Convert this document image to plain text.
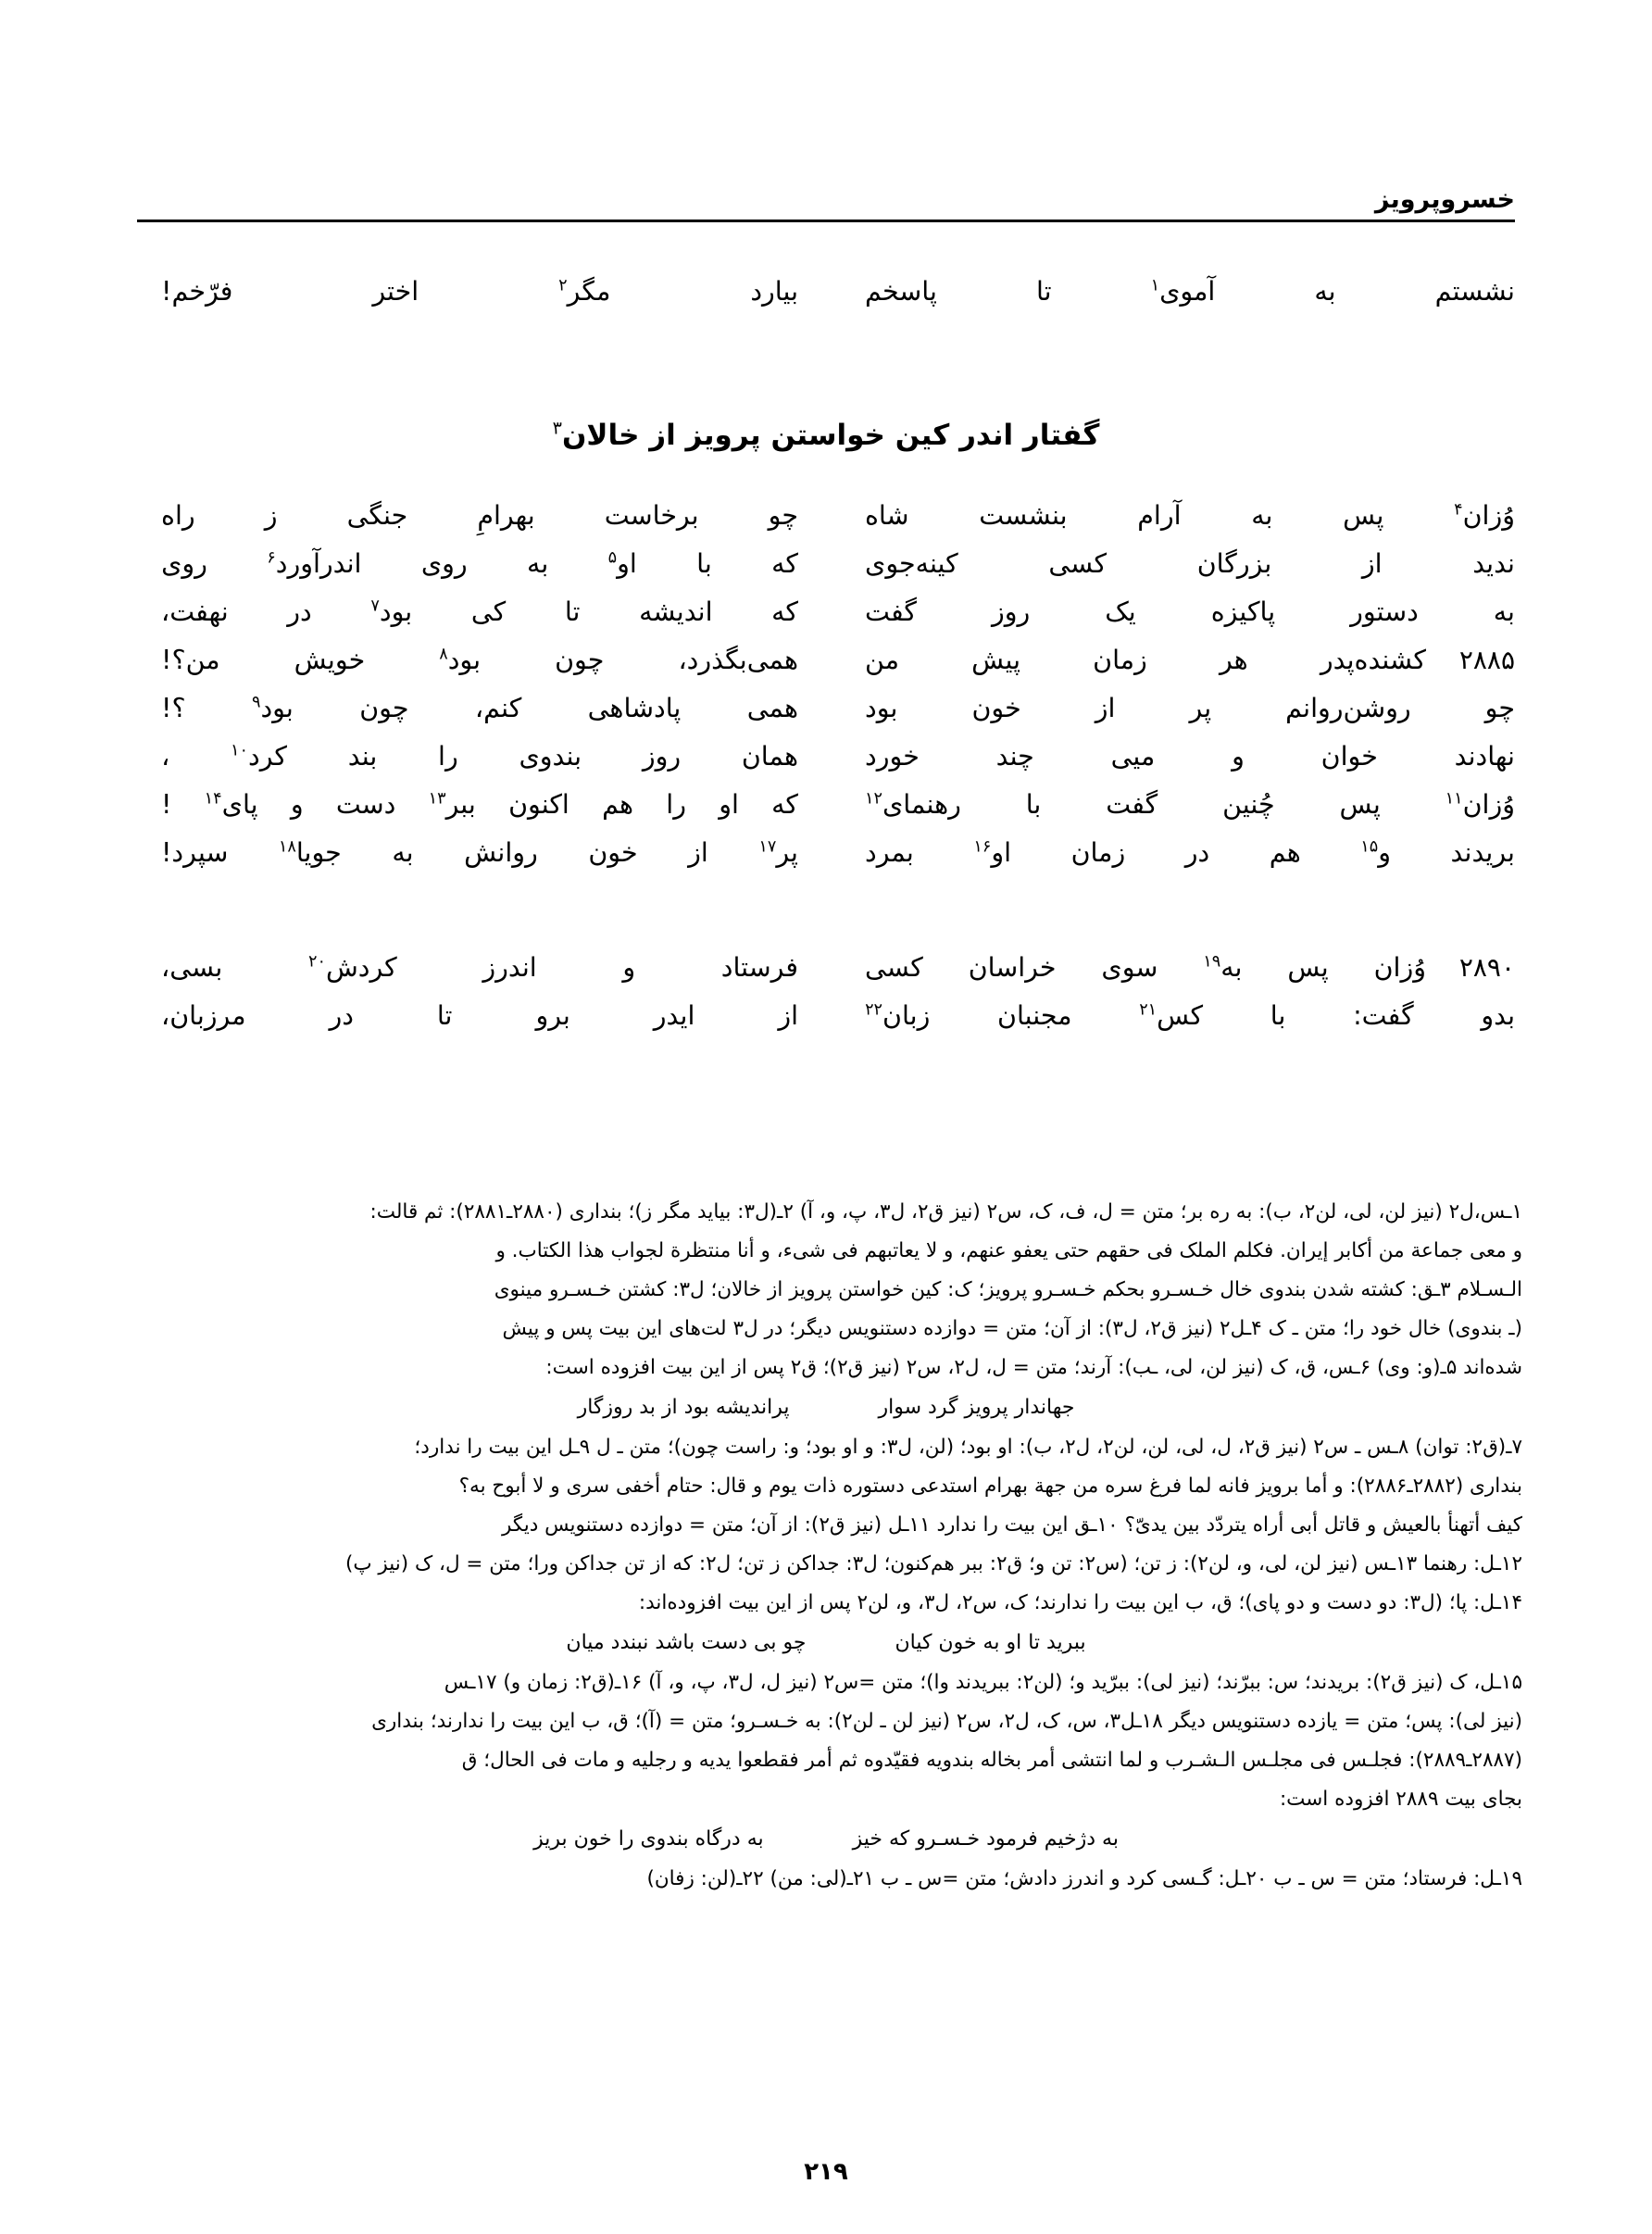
خسروپرویز
نشستم
به
آموی$^۱$
تا
پاسخم
بیارد
مگر$^۲$
اختر
فرّخم!
گفتار اندر کین خواستن پرویز از خالان$^۳$
وُزان$^۴$
پس
به
آرام
بنشست
شاه
چو
برخاست
بهرامِ
جنگی
ز
راه
ندید
از
بزرگان
کسی
کینه‌جوی
که
با
او$^۵$
به
روی
اندرآورد$^۶$
روی
به
دستور
پاکیزه
یک
روز
گفت
که
اندیشه
تا
کی
بود$^۷$
در
نهفت،
کشنده‌پدر
هر
زمان
پیش
من	۲۸۸۵
همی‌بگذرد،
چون
بود$^۸$
خویش
من؟!
چو
روشن‌روانم
پر
از
خون
بود
همی
پادشاهی
کنم،
چون
بود$^۹$
؟!
نهادند
خوان
و
میی
چند
خورد
همان
روز
بندوی
را
بند
کرد$^{۱۰}$
،
وُزان$^{۱۱}$
پس
چُنین
گفت
با
رهنمای$^{۱۲}$
که
او
را
هم
اکنون
ببر$^{۱۳}$
دست
و
پای$^{۱۴}$
!
بریدند
و$^{۱۵}$
هم
در
زمان
او$^{۱۶}$
بمرد
پر$^{۱۷}$
از
خون
روانش
به
جویا$^{۱۸}$
سپرد!
وُزان
پس
به$^{۱۹}$
سوی
خراسان
کسی	۲۸۹۰
فرستاد
و
اندرز
کردش$^{۲۰}$
بسی،
بدو
گفت:
با
کس$^{۲۱}$
مجنبان
زبان$^{۲۲}$
از
ایدر
برو
تا
در
مرزبان،

۱ـس،ل۲ (نیز لن، لی، لن۲، ب): به ره بر؛ متن = ل، ف، ک، س۲ (نیز ق۲، ل۳، پ، و، آ) ۲ـ(ل۳: بیاید مگر ز)؛ بنداری (۲۸۸۰ـ۲۸۸۱): ثم قالت:

و معی جماعة من أکابر إیران. فکلم الملک فی حقهم حتی یعفو عنهم، و لا یعاتبهم فی شیء، و أنا منتظرة لجواب هذا الکتاب. و

الـسـلام ۳ـق: کشته شدن بندوی خال خـسـرو بحکم خـسـرو پرویز؛ ک: کین خواستن پرویز از خالان؛ ل۳: کشتن خـسـرو مینوی

(ـ بندوی) خال خود را؛ متن ـ ک ۴ـل۲ (نیز ق۲، ل۳): از آن؛ متن = دوازده دستنویس دیگر؛ در ل۳ لت‌های این بیت پس و پیش

شده‌اند ۵ـ(و: وی) ۶ـس، ق، ک (نیز لن، لی، ـب): آرند؛ متن = ل، ل۲، س۲ (نیز ق۲)؛ ق۲ پس از این بیت افزوده است:

جهاندار پرویز گرد سوار
پراندیشه بود از بد روزگار

۷ـ(ق۲: توان) ۸ـس ـ س۲ (نیز ق۲، ل، لی، لن، لن۲، ل۲، ب): او بود؛ (لن، ل۳: و او بود؛ و: راست چون)؛ متن ـ ل ۹ـل این بیت را ندارد؛

بنداری (۲۸۸۲ـ۲۸۸۶): و أما برویز فانه لما فرغ سره من جهة بهرام استدعی دستوره ذات یوم و قال: حتام أخفی سری و لا أبوح به؟

کیف أتهنأ بالعیش و قاتل أبی أراه یتردّد بین یدیّ؟ ۱۰ـق این بیت را ندارد ۱۱ـل (نیز ق۲): از آن؛ متن = دوازده دستنویس دیگر

۱۲ـل: رهنما ۱۳ـس (نیز لن، لی، و، لن۲): ز تن؛ (س۲: تن و؛ ق۲: ببر هم‌کنون؛ ل۳: جداکن ز تن؛ ل۲: که از تن جداکن ورا؛ متن = ل، ک (نیز پ)

۱۴ـل: پا؛ (ل۳: دو دست و دو پای)؛ ق، ب این بیت را ندارند؛ ک، س۲، ل۳، و، لن۲ پس از این بیت افزوده‌اند:

ببرید تا او به خون کیان
چو بی دست باشد نبندد میان

۱۵ـل، ک (نیز ق۲): بریدند؛ س: ببرّند؛ (نیز لی): ببرّید و؛ (لن۲: ببریدند وا)؛ متن =س۲ (نیز ل، ل۳، پ، و، آ) ۱۶ـ(ق۲: زمان و) ۱۷ـس

(نیز لی): پس؛ متن = یازده دستنویس دیگر ۱۸ـل۳، س، ک، ل۲، س۲ (نیز لن ـ لن۲): به خـسـرو؛ متن = (آ)؛ ق، ب این بیت را ندارند؛ بنداری

(۲۸۸۷ـ۲۸۸۹): فجلـس فی مجلـس الـشـرب و لما انتشی أمر بخاله بندویه فقیّدوه ثم أمر فقطعوا یدیه و رجلیه و مات فی الحال؛ ق

بجای بیت ۲۸۸۹ افزوده است:

به دژخیم فرمود خـسـرو که خیز
به درگاه بندوی را خون بریز

۱۹ـل: فرستاد؛ متن = س ـ ب ۲۰ـل: گـسی کرد و اندرز دادش؛ متن =س ـ ب ۲۱ـ(لی: من) ۲۲ـ(لن: زفان)

۲۱۹
